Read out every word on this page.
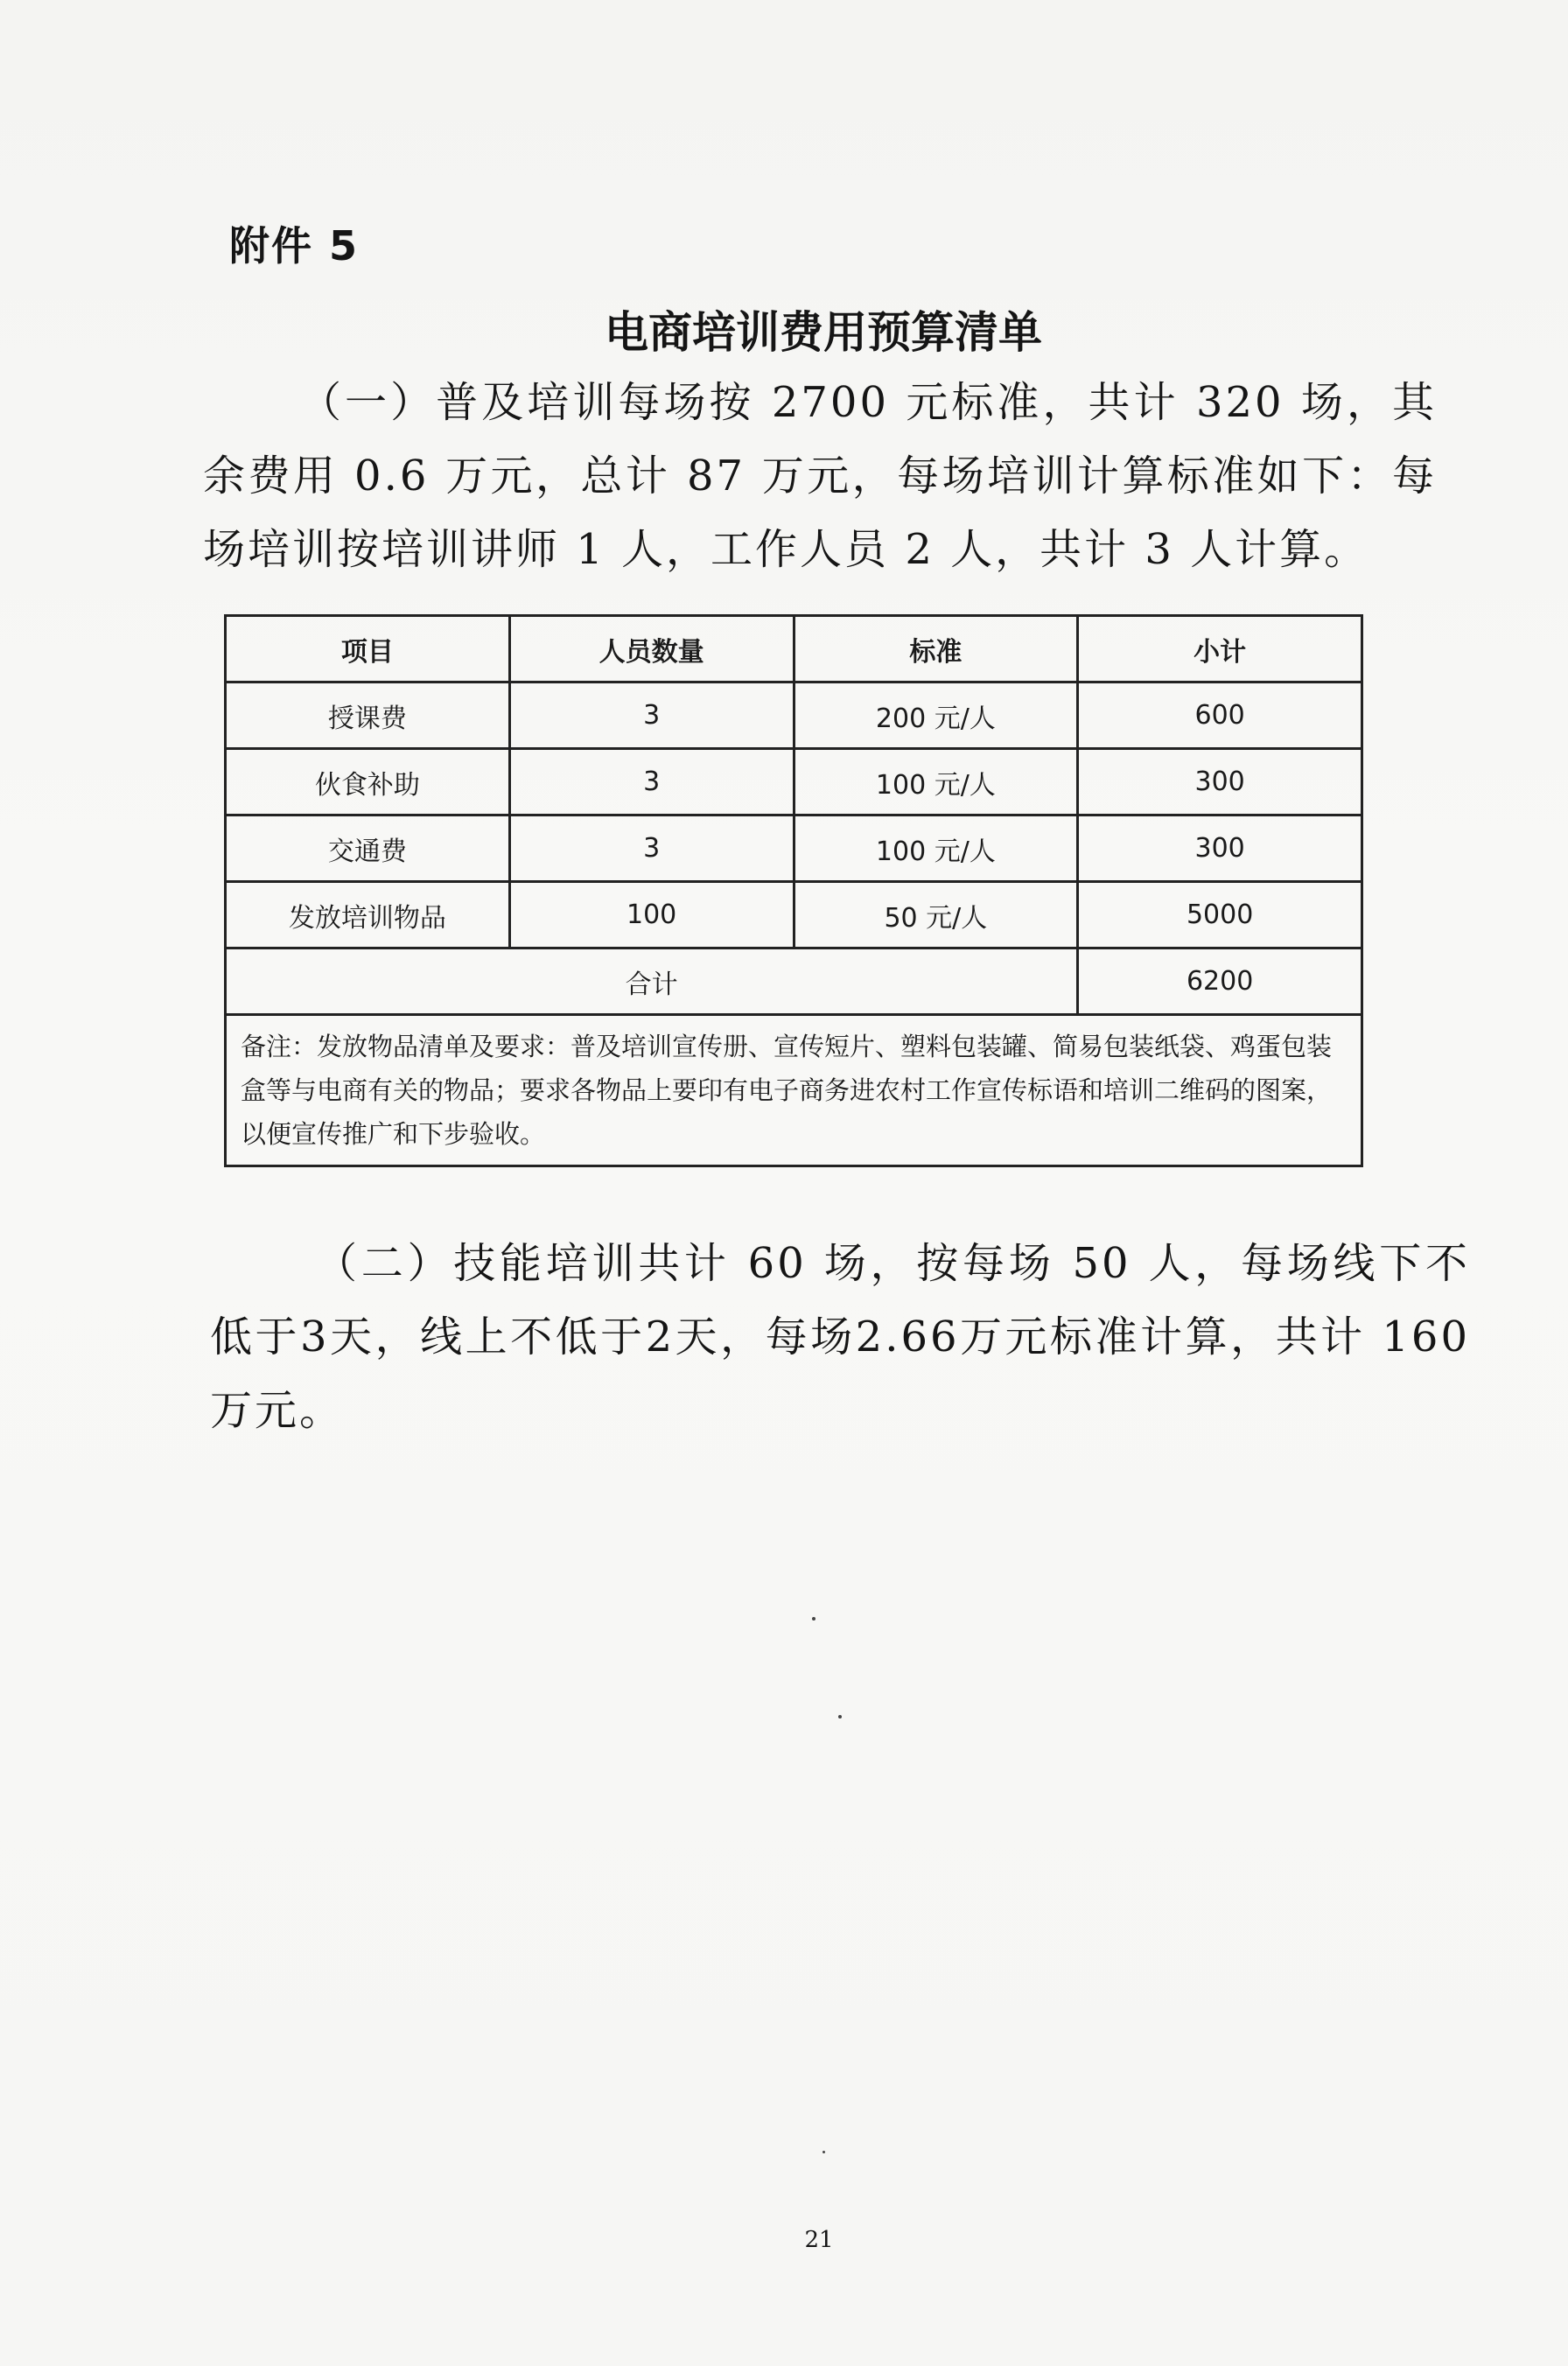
附件 5
电商培训费用预算清单
（一）普及培训每场按 2700 元标准，共计 320 场，其余费用 0.6 万元，总计 87 万元，每场培训计算标准如下：每场培训按培训讲师 1 人，工作人员 2 人，共计 3 人计算。
项目	人员数量	标准	小计
授课费	3	200 元/人	600
伙食补助	3	100 元/人	300
交通费	3	100 元/人	300
发放培训物品	100	50 元/人	5000
合计			6200
备注：发放物品清单及要求：普及培训宣传册、宣传短片、塑料包装罐、简易包装纸袋、鸡蛋包装盒等与电商有关的物品；要求各物品上要印有电子商务进农村工作宣传标语和培训二维码的图案，以便宣传推广和下步验收。			
（二）技能培训共计 60 场，按每场 50 人，每场线下不低于3天，线上不低于2天，每场2.66万元标准计算，共计 160 万元。
21
